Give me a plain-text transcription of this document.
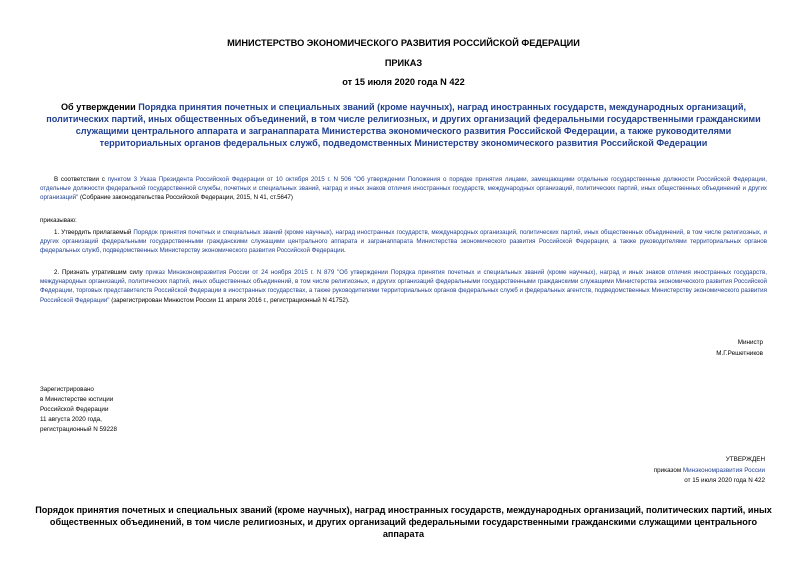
МИНИСТЕРСТВО ЭКОНОМИЧЕСКОГО РАЗВИТИЯ РОССИЙСКОЙ ФЕДЕРАЦИИ
ПРИКАЗ
от 15 июля 2020 года N 422
Об утверждении Порядка принятия почетных и специальных званий (кроме научных), наград иностранных государств, международных организаций, политических партий, иных общественных объединений, в том числе религиозных, и других организаций федеральными государственными гражданскими служащими центрального аппарата и загранаппарата Министерства экономического развития Российской Федерации, а также руководителями территориальных органов федеральных служб, подведомственных Министерству экономического развития Российской Федерации
В соответствии с пунктом 3 Указа Президента Российской Федерации от 10 октября 2015 г. N 506 "Об утверждении Положения о порядке принятия лицами, замещающими отдельные государственные должности Российской Федерации, отдельные должности федеральной государственной службы, почетных и специальных званий, наград и иных знаков отличия иностранных государств, международных организаций, политических партий, иных общественных объединений и других организаций" (Собрание законодательства Российской Федерации, 2015, N 41, ст.5647)
приказываю:
1. Утвердить прилагаемый Порядок принятия почетных и специальных званий (кроме научных), наград иностранных государств, международных организаций, политических партий, иных общественных объединений, в том числе религиозных, и других организаций федеральными государственными гражданскими служащими центрального аппарата и загранаппарата Министерства экономического развития Российской Федерации, а также руководителями территориальных органов федеральных служб, подведомственных Министерству экономического развития Российской Федерации.
2. Признать утратившим силу приказ Минэкономразвития России от 24 ноября 2015 г. N 879 "Об утверждении Порядка принятия почетных и специальных званий (кроме научных), наград и иных знаков отличия иностранных государств, международных организаций, политических партий, иных общественных объединений, в том числе религиозных, и других организаций федеральными государственными гражданскими служащими Министерства экономического развития Российской Федерации, торговых представителств Российской Федерации в иностранных государствах, а также руководителями территориальных органов федеральных служб и федеральных агентств, подведомственных Министерству экономического развития Российской Федерации" (зарегистрирован Минюстом России 11 апреля 2016 г., регистрационный N 41752).
Министр
М.Г.Решетников
Зарегистрировано
в Министерстве юстиции
Российской Федерации
11 августа 2020 года,
регистрационный N 59228
УТВЕРЖДЕН
приказом Минэкономразвития России
от 15 июля 2020 года N 422
Порядок принятия почетных и специальных званий (кроме научных), наград иностранных государств, международных организаций, политических партий, иных общественных объединений, в том числе религиозных, и других организаций федеральными государственными гражданскими служащими центрального аппарата
